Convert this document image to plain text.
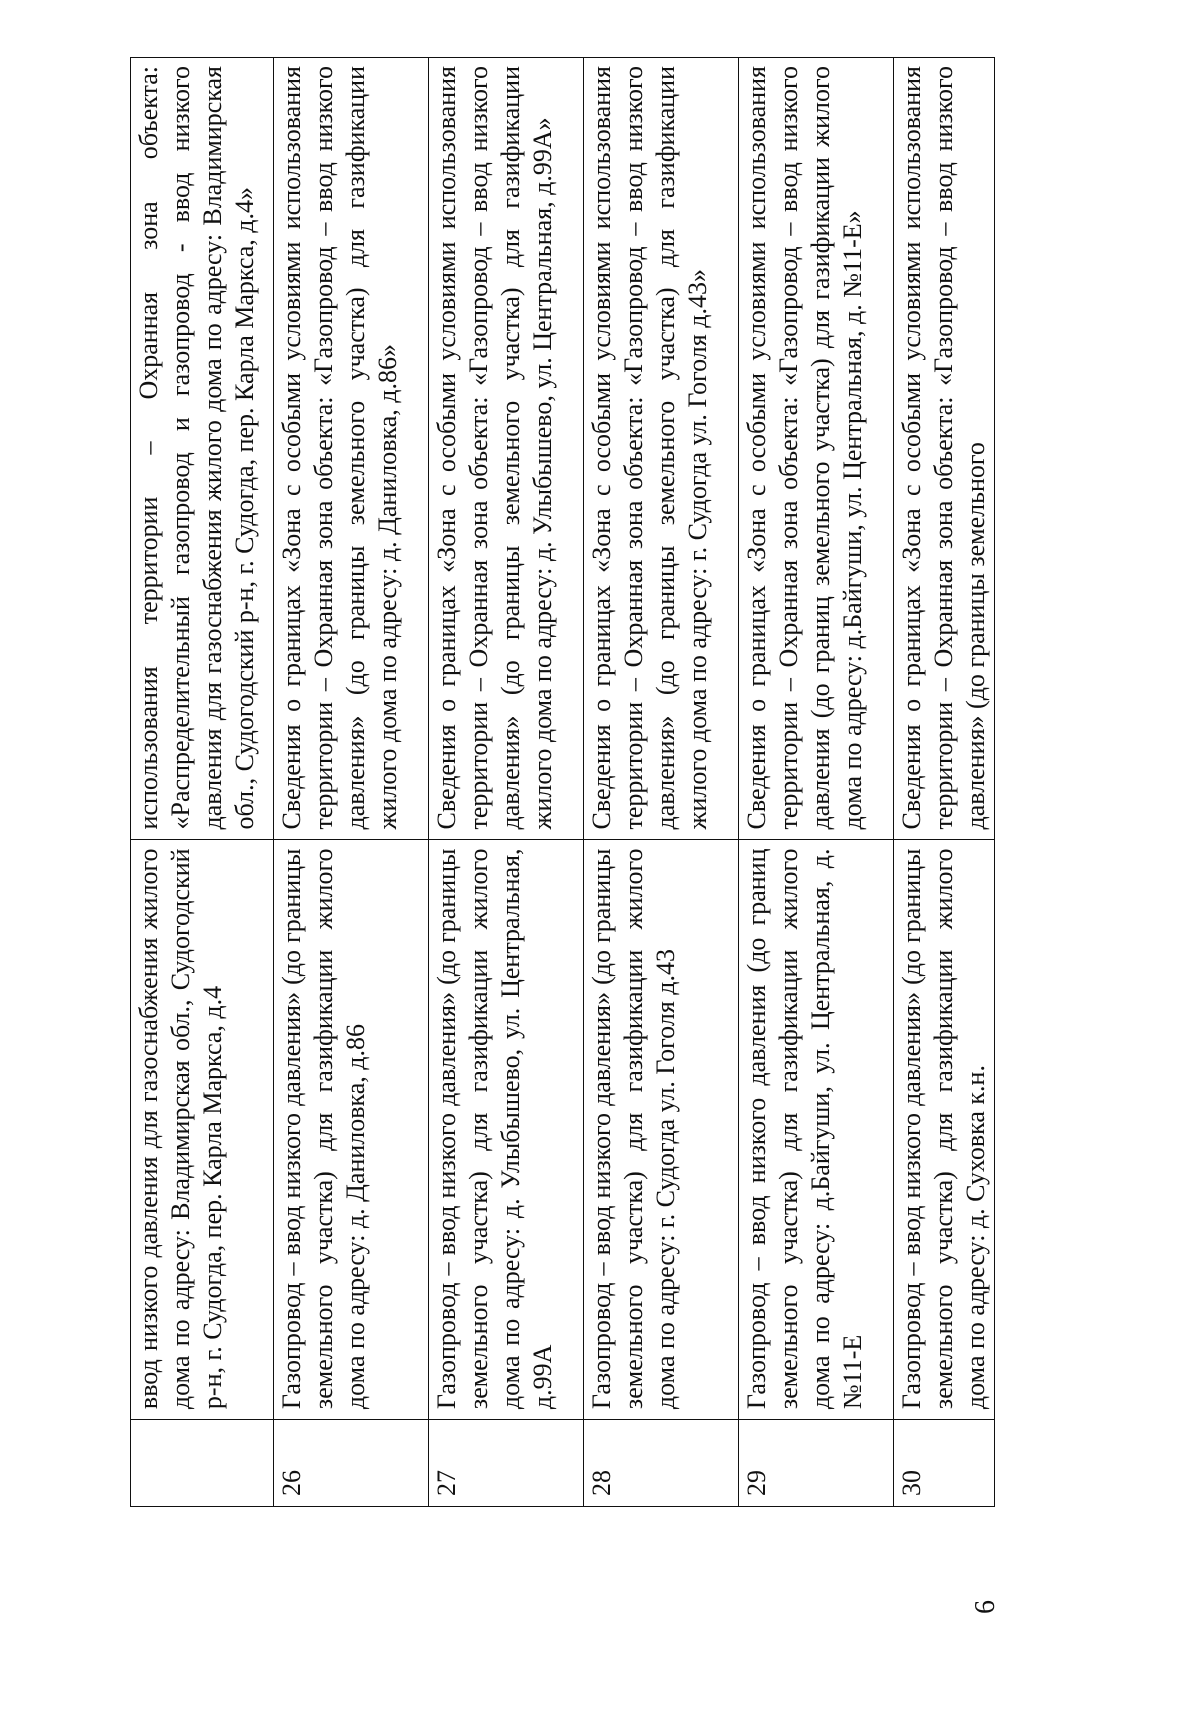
6
	ввод низкого давления для газоснабжения жилого дома по адресу: Владимирская обл., Судогодский р-н, г. Судогда, пер. Карла Маркса, д.4	использования территории – Охранная зона объекта: «Распределительный газопровод и газопровод - ввод низкого давления для газоснабжения жилого дома по адресу: Владимирская обл., Судогодский р-н, г. Судогда, пер. Карла Маркса, д.4»
26	Газопровод – ввод низкого давления» (до границы земельного участка) для газификации жилого дома по адресу: д. Даниловка, д.86	Сведения о границах «Зона с особыми условиями использования территории – Охранная зона объекта: «Газопровод – ввод низкого давления» (до границы земельного участка) для газификации жилого дома по адресу: д. Даниловка, д.86»
27	Газопровод – ввод низкого давления» (до границы земельного участка) для газификации жилого дома по адресу: д. Улыбышево, ул. Центральная, д.99А	Сведения о границах «Зона с особыми условиями использования территории – Охранная зона объекта: «Газопровод – ввод низкого давления» (до границы земельного участка) для газификации жилого дома по адресу: д. Улыбышево, ул. Центральная, д.99А»
28	Газопровод – ввод низкого давления» (до границы земельного участка) для газификации жилого дома по адресу: г. Судогда ул. Гоголя д.43	Сведения о границах «Зона с особыми условиями использования территории – Охранная зона объекта: «Газопровод – ввод низкого давления» (до границы земельного участка) для газификации жилого дома по адресу: г. Судогда ул. Гоголя д.43»
29	Газопровод – ввод низкого давления (до границ земельного участка) для газификации жилого дома по адресу: д.Байгуши, ул. Центральная, д. №11-Е	Сведения о границах «Зона с особыми условиями использования территории – Охранная зона объекта: «Газопровод – ввод низкого давления (до границ земельного участка) для газификации жилого дома по адресу: д.Байгуши, ул. Центральная, д. №11-Е»
30	Газопровод – ввод низкого давления» (до границы земельного участка) для газификации жилого дома по адресу: д. Суховка к.н.	Сведения о границах «Зона с особыми условиями использования территории – Охранная зона объекта: «Газопровод – ввод низкого давления» (до границы земельного
